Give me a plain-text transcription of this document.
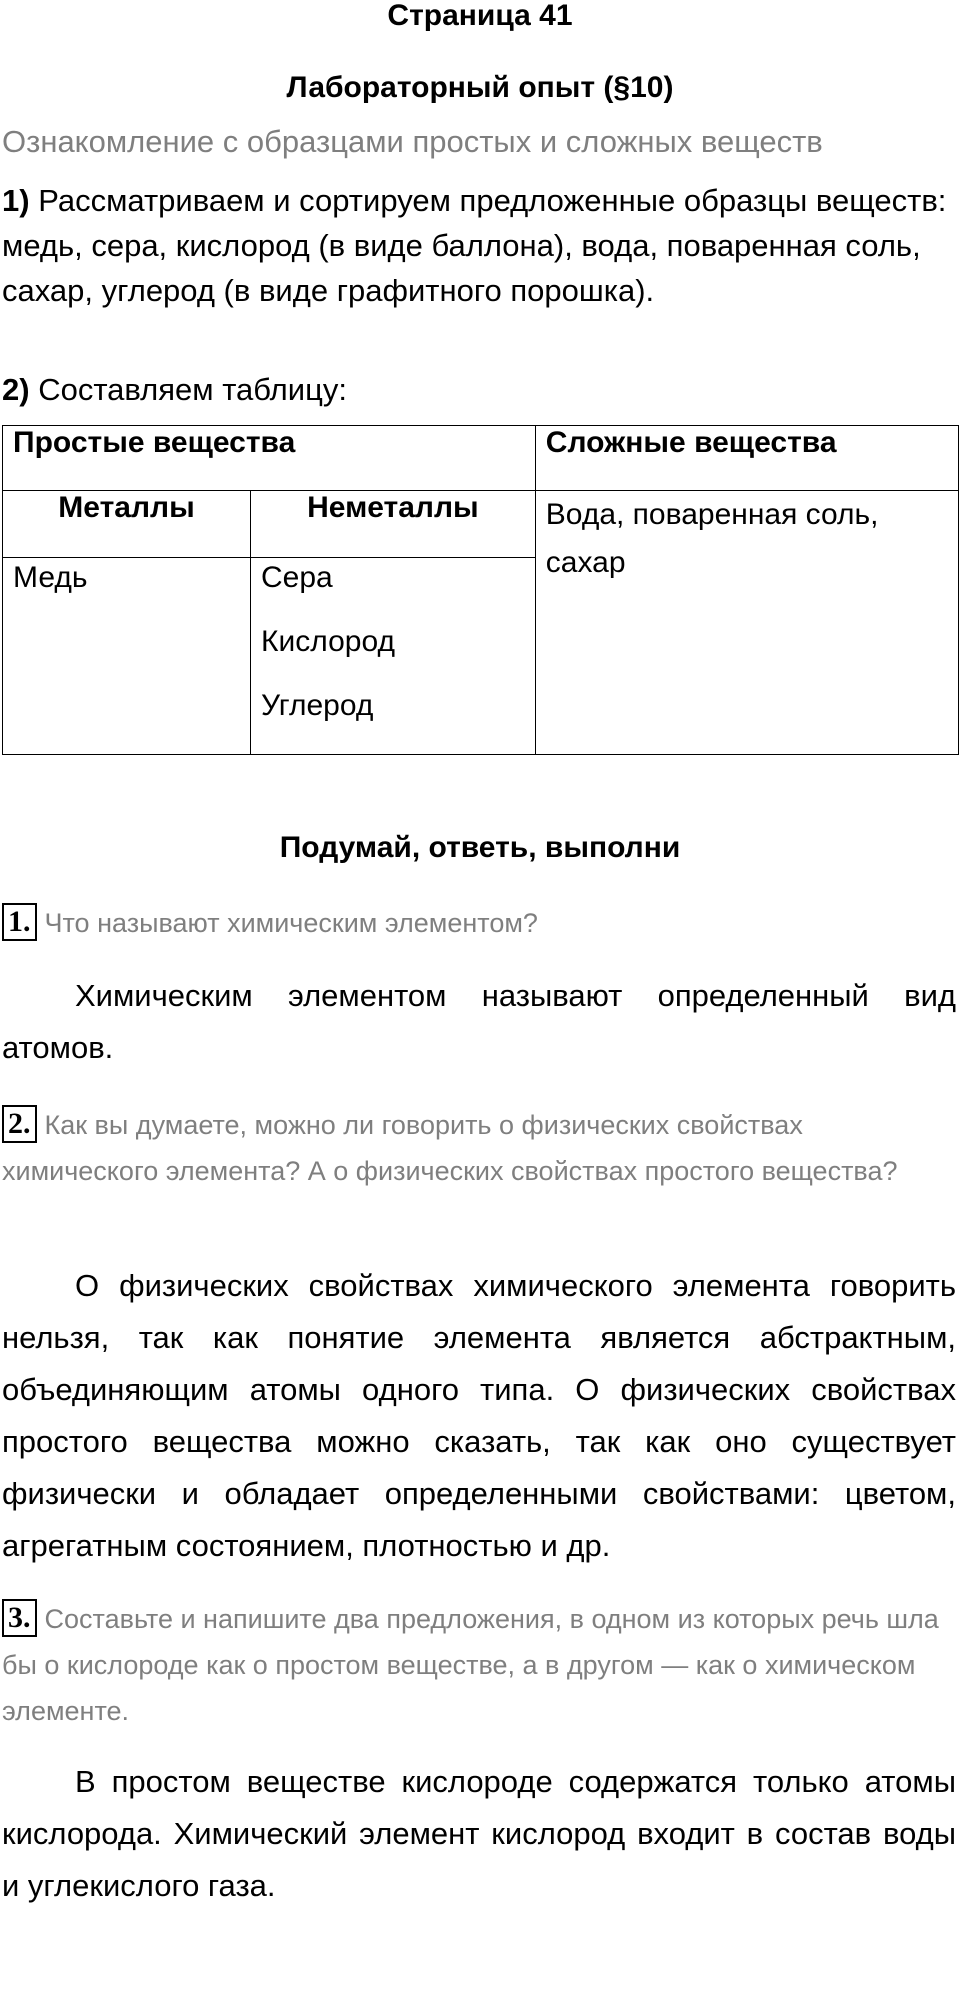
Страница 41
Лабораторный опыт (§10)
Ознакомление с образцами простых и сложных веществ
1) Рассматриваем и сортируем предложенные образцы веществ: медь, сера, кислород (в виде баллона), вода, поваренная соль, сахар, углерод (в виде графитного порошка).
2) Составляем таблицу:
Простые вещества		Сложные вещества
Металлы	Неметаллы	Вода, поваренная соль, сахар

Медь	Сера
Кислород
Углерод	
Подумай, ответь, выполни
1. Что называют химическим элементом?
Химическим элементом называют определенный вид атомов.
2. Как вы думаете, можно ли говорить о физических свойствах химического элемента? А о физических свойствах простого вещества?
О физических свойствах химического элемента говорить нельзя, так как понятие элемента является абстрактным, объединяющим атомы одного типа. О физических свойствах простого вещества можно сказать, так как оно существует физически и обладает определенными свойствами: цветом, агрегатным состоянием, плотностью и др.
3. Составьте и напишите два предложения, в одном из которых речь шла бы о кислороде как о простом веществе, а в другом — как о химическом элементе.
В простом веществе кислороде содержатся только атомы кислорода. Химический элемент кислород входит в состав воды и углекислого газа.
